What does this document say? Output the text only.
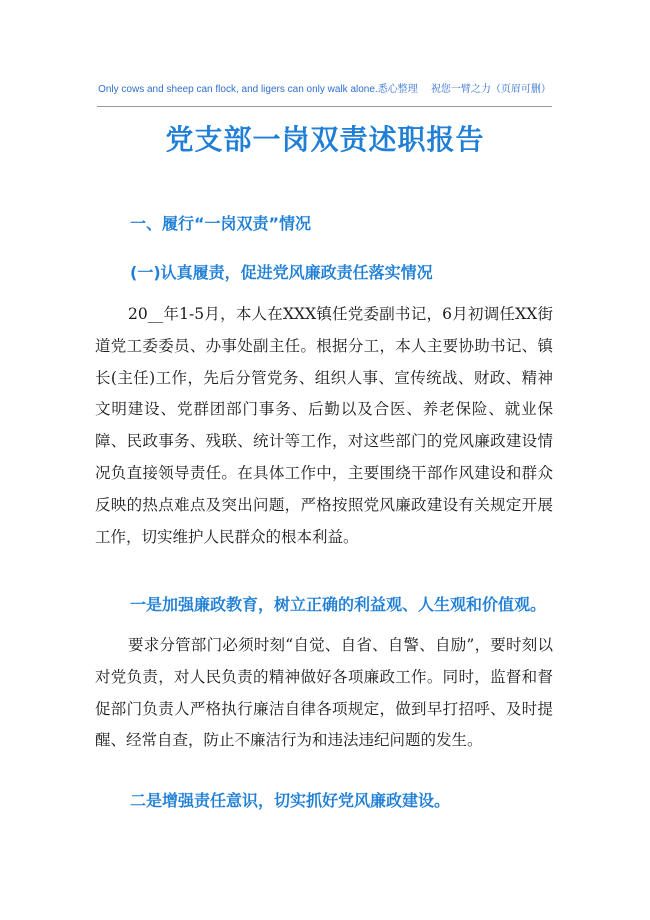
Only cows and sheep can flock, and ligers can only walk alone.悉心整理　 祝您一臂之力（页眉可删）
党支部一岗双责述职报告
一、履行“一岗双责”情况
(一)认真履责，促进党风廉政责任落实情况
20__年1-5月，本人在XXX镇任党委副书记，6月初调任XX街道党工委委员、办事处副主任。根据分工，本人主要协助书记、镇长(主任)工作，先后分管党务、组织人事、宣传统战、财政、精神文明建设、党群团部门事务、后勤以及合医、养老保险、就业保障、民政事务、残联、统计等工作，对这些部门的党风廉政建设情况负直接领导责任。在具体工作中，主要围绕干部作风建设和群众反映的热点难点及突出问题，严格按照党风廉政建设有关规定开展工作，切实维护人民群众的根本利益。
一是加强廉政教育，树立正确的利益观、人生观和价值观。
要求分管部门必须时刻“自觉、自省、自警、自励”，要时刻以对党负责，对人民负责的精神做好各项廉政工作。同时，监督和督促部门负责人严格执行廉洁自律各项规定，做到早打招呼、及时提醒、经常自查，防止不廉洁行为和违法违纪问题的发生。
二是增强责任意识，切实抓好党风廉政建设。
